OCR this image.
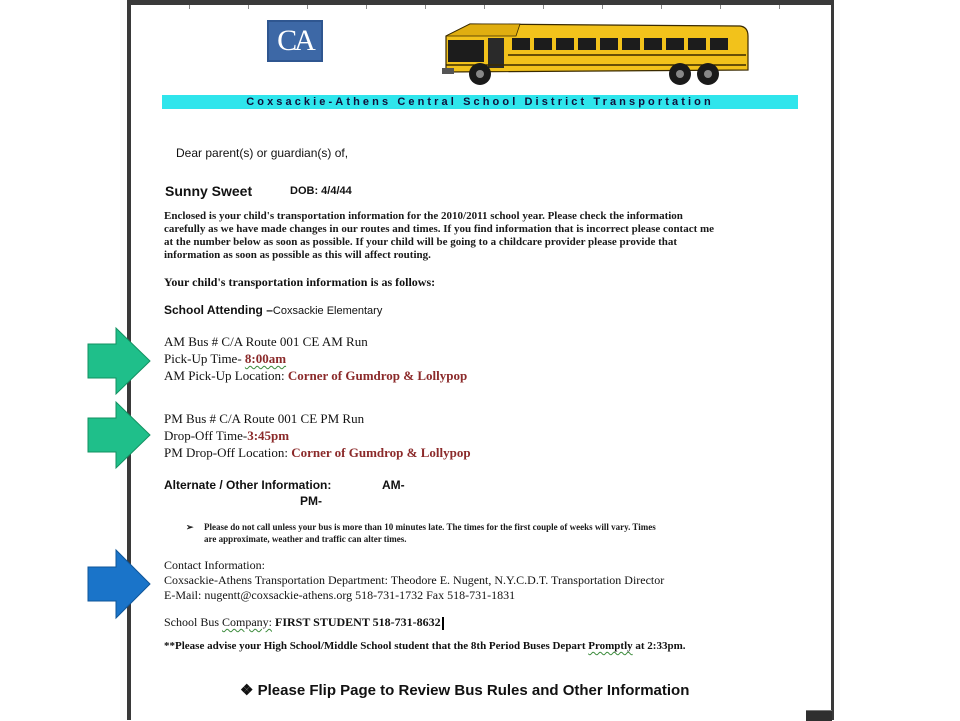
CA
Coxsackie-Athens Central School District Transportation
Dear parent(s) or guardian(s) of,
Sunny Sweet	DOB: 4/4/44
Enclosed is your child's transportation information for the 2010/2011 school year. Please check the information
carefully as we have made changes in our routes and times. If you find information that is incorrect please contact me
at the number below as soon as possible. If your child will be going to a childcare provider please provide that
information as soon as possible as this will affect routing.
Your child's transportation information is as follows:
School Attending –Coxsackie Elementary
AM Bus # C/A Route 001 CE AM Run
Pick-Up Time- 8:00am
AM Pick-Up Location: Corner of Gumdrop & Lollypop
PM Bus # C/A Route 001 CE PM Run
Drop-Off Time-3:45pm
PM Drop-Off Location: Corner of Gumdrop & Lollypop
Alternate / Other Information:	AM-
PM-
➢ Please do not call unless your bus is more than 10 minutes late. The times for the first couple of weeks will vary. Times
are approximate, weather and traffic can alter times.
Contact Information:
Coxsackie-Athens Transportation Department: Theodore E. Nugent, N.Y.C.D.T. Transportation Director
E-Mail: nugentt@coxsackie-athens.org 518-731-1732 Fax 518-731-1831
School Bus Company: FIRST STUDENT 518-731-8632
**Please advise your High School/Middle School student that the 8th Period Buses Depart Promptly at 2:33pm.
❖ Please Flip Page to Review Bus Rules and Other Information
